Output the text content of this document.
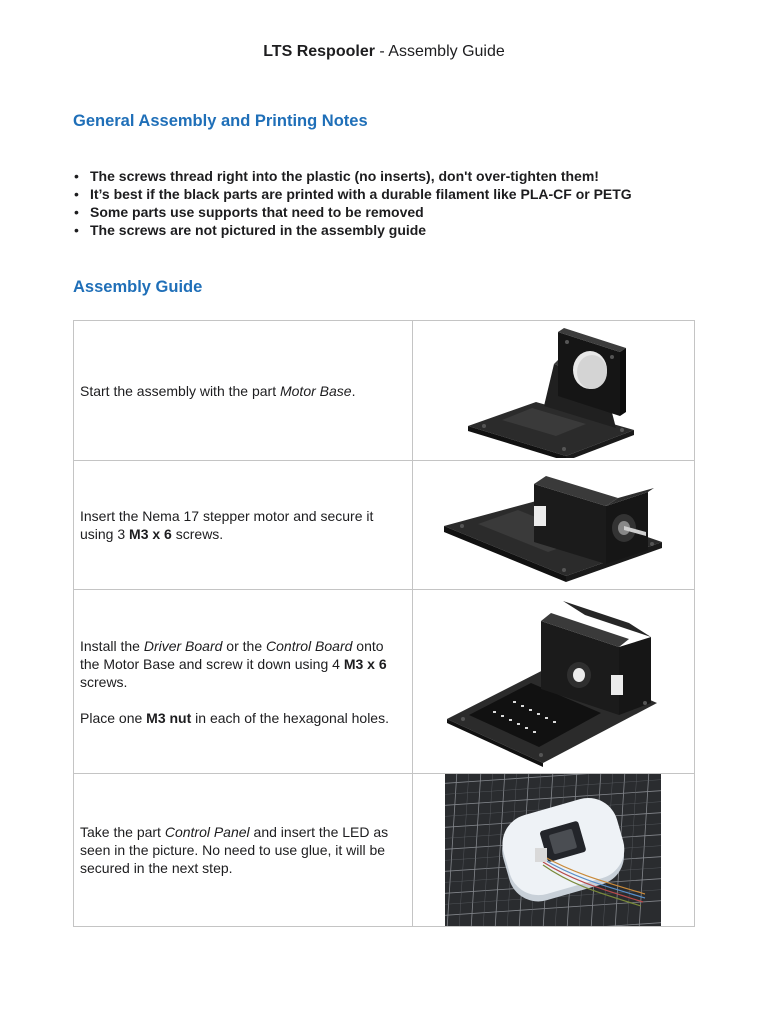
LTS Respooler - Assembly Guide
General Assembly and Printing Notes
• The screws thread right into the plastic (no inserts), don't over-tighten them!
• It’s best if the black parts are printed with a durable filament like PLA-CF or PETG
• Some parts use supports that need to be removed
• The screws are not pictured in the assembly guide
Assembly Guide

Start the assembly with the part Motor Base.

Insert the Nema 17 stepper motor and secure it using 3 M3 x 6 screws.

Install the Driver Board or the Control Board onto the Motor Base and screw it down using 4 M3 x 6 screws.

Place one M3 nut in each of the hexagonal holes.

Take the part Control Panel and insert the LED as seen in the picture. No need to use glue, it will be secured in the next step.
